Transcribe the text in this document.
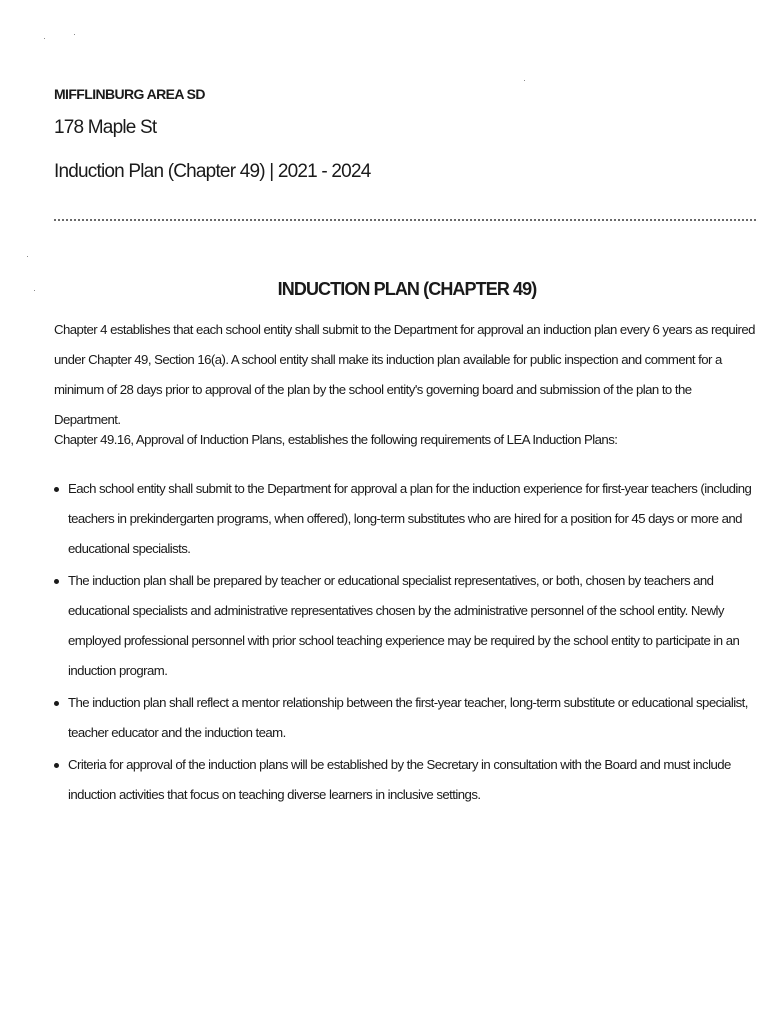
MIFFLINBURG AREA SD

178 Maple St

Induction Plan (Chapter 49) | 2021 - 2024

INDUCTION PLAN (CHAPTER 49)

Chapter 4 establishes that each school entity shall submit to the Department for approval an induction plan every 6 years as required under Chapter 49, Section 16(a). A school entity shall make its induction plan available for public inspection and comment for a minimum of 28 days prior to approval of the plan by the school entity's governing board and submission of the plan to the Department.

Chapter 49.16, Approval of Induction Plans, establishes the following requirements of LEA Induction Plans:

Each school entity shall submit to the Department for approval a plan for the induction experience for first-year teachers (including teachers in prekindergarten programs, when offered), long-term substitutes who are hired for a position for 45 days or more and educational specialists.
The induction plan shall be prepared by teacher or educational specialist representatives, or both, chosen by teachers and educational specialists and administrative representatives chosen by the administrative personnel of the school entity. Newly employed professional personnel with prior school teaching experience may be required by the school entity to participate in an induction program.
The induction plan shall reflect a mentor relationship between the first-year teacher, long-term substitute or educational specialist, teacher educator and the induction team.
Criteria for approval of the induction plans will be established by the Secretary in consultation with the Board and must include induction activities that focus on teaching diverse learners in inclusive settings.
